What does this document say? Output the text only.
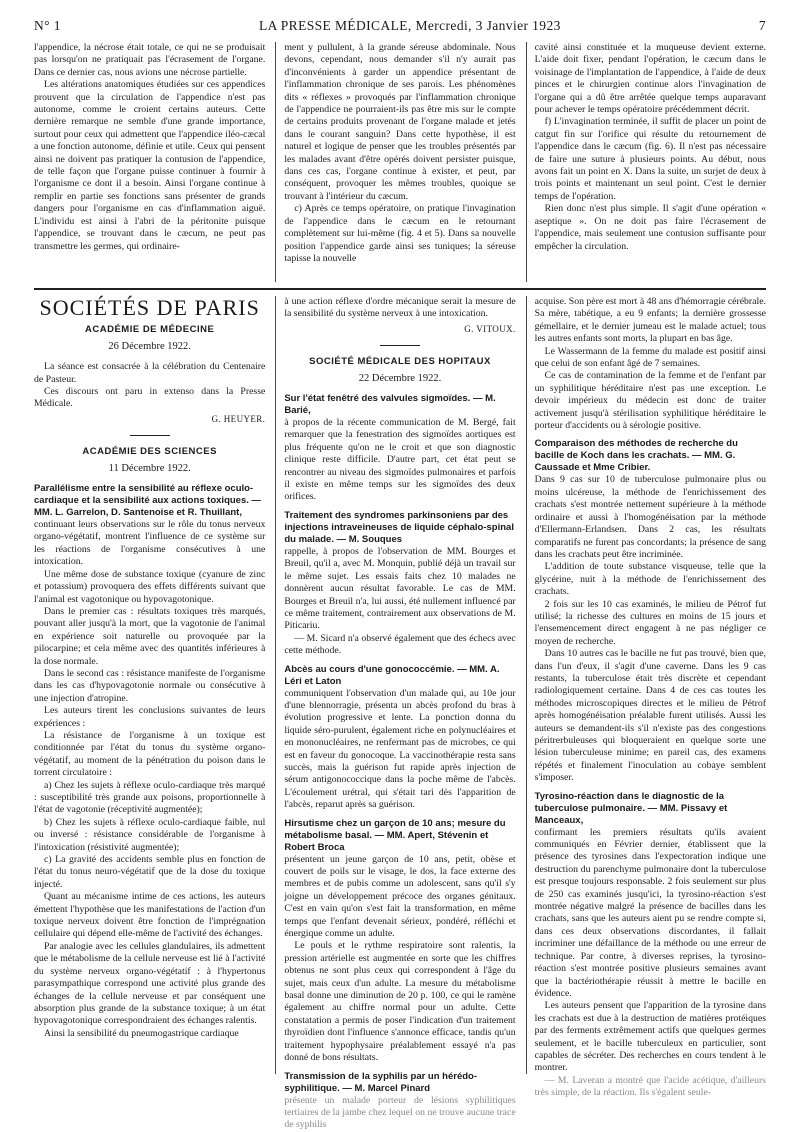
N° 1	LA PRESSE MÉDICALE, Mercredi, 3 Janvier 1923	7

l'appendice, la nécrose était totale, ce qui ne se produisait pas lorsqu'on ne pratiquait pas l'écrasement de l'organe. Dans ce dernier cas, nous avions une nécrose partielle.

Les altérations anatomiques étudiées sur ces appendices prouvent que la circulation de l'appendice n'est pas autonome, comme le croient certains auteurs. Cette dernière remarque ne semble d'une grande importance, surtout pour ceux qui admettent que l'appendice iléo-cæcal a une fonction autonome, définie et utile. Ceux qui pensent ainsi ne doivent pas pratiquer la contusion de l'appendice, de telle façon que l'organe puisse continuer à fournir à l'organisme ce dont il a besoin. Ainsi l'organe continue à remplir en partie ses fonctions sans présenter de grands dangers pour l'organisme en cas d'inflammation aiguë. L'individu est ainsi à l'abri de la péritonite puisque l'appendice, se trouvant dans le cæcum, ne peut pas transmettre les germes, qui ordinaire-

ment y pullulent, à la grande séreuse abdominale. Nous devons, cependant, nous demander s'il n'y aurait pas d'inconvénients à garder un appendice présentant de l'inflammation chronique de ses parois. Les phénomènes dits « réflexes » provoqués par l'inflammation chronique de l'appendice ne pourraient-ils pas être mis sur le compte de certains produits provenant de l'organe malade et jetés dans le courant sanguin? Dans cette hypothèse, il est naturel et logique de penser que les troubles présentés par les malades avant d'être opérés doivent persister puisque, dans ces cas, l'organe continue à exister, et peut, par conséquent, provoquer les mêmes troubles, quoique se trouvant à l'intérieur du cæcum.

c) Après ce temps opératoire, on pratique l'invagination de l'appendice dans le cæcum en le retournant complètement sur lui-même (fig. 4 et 5). Dans sa nouvelle position l'appendice garde ainsi ses tuniques; la séreuse tapisse la nouvelle

cavité ainsi constituée et la muqueuse devient externe. L'aide doit fixer, pendant l'opération, le cæcum dans le voisinage de l'implantation de l'appendice, à l'aide de deux pinces et le chirurgien continue alors l'invagination de l'organe qui a dû être arrêtée quelque temps auparavant pour achever le temps opératoire précédemment décrit.

f) L'invagination terminée, il suffit de placer un point de catgut fin sur l'orifice qui résulte du retournement de l'appendice dans le cæcum (fig. 6). Il n'est pas nécessaire de faire une suture à plusieurs points. Au début, nous avons fait un point en X. Dans la suite, un surjet de deux à trois points et maintenant un seul point. C'est le dernier temps de l'opération.

Rien donc n'est plus simple. Il s'agit d'une opération « aseptique ». On ne doit pas faire l'écrasement de l'appendice, mais seulement une contusion suffisante pour empêcher la circulation.

SOCIÉTÉS DE PARIS
ACADÉMIE DE MÉDECINE
26 Décembre 1922.

La séance est consacrée à la célébration du Centenaire de Pasteur.

Ces discours ont paru in extenso dans la Presse Médicale.

G. HEUYER.
ACADÉMIE DES SCIENCES
11 Décembre 1922.
Parallélisme entre la sensibilité au réflexe oculo-cardiaque et la sensibilité aux actions toxiques. — MM. L. Garrelon, D. Santenoise et R. Thuillant,

continuant leurs observations sur le rôle du tonus nerveux organo-végétatif, montrent l'influence de ce système sur les réactions de l'organisme consécutives à une intoxication.

Une même dose de substance toxique (cyanure de zinc et potassium) provoquera des effets différents suivant que l'animal est vagotonique ou hypovagotonique.

Dans le premier cas : résultats toxiques très marqués, pouvant aller jusqu'à la mort, que la vagotonie de l'animal en expérience soit naturelle ou provoquée par la pilocarpine; et cela même avec des quantités inférieures à la dose normale.

Dans le second cas : résistance manifeste de l'organisme dans les cas d'hypovagotonie normale ou consécutive à une injection d'atropine.

Les auteurs tirent les conclusions suivantes de leurs expériences :

La résistance de l'organisme à un toxique est conditionnée par l'état du tonus du système organo-végétatif, au moment de la pénétration du poison dans le torrent circulatoire :

a) Chez les sujets à réflexe oculo-cardiaque très marqué : susceptibilité très grande aux poisons, proportionnelle à l'état de vagotonie (réceptivité augmentée);

b) Chez les sujets à réflexe oculo-cardiaque faible, nul ou inversé : résistance considérable de l'organisme à l'intoxication (résistivité augmentée);

c) La gravité des accidents semble plus en fonction de l'état du tonus neuro-végétatif que de la dose du toxique injecté.

Quant au mécanisme intime de ces actions, les auteurs émettent l'hypothèse que les manifestations de l'action d'un toxique nerveux doivent être fonction de l'imprégnation cellulaire qui dépend elle-même de l'activité des échanges.

Par analogie avec les cellules glandulaires, ils admettent que le métabolisme de la cellule nerveuse est lié à l'activité du système nerveux organo-végétatif : à l'hypertonus parasympathique correspond une activité plus grande des échanges de la cellule nerveuse et par conséquent une absorption plus grande de la substance toxique; à un état hypovagotonique correspondraient des échanges ralentis.

Ainsi la sensibilité du pneumogastrique cardiaque

à une action réflexe d'ordre mécanique serait la mesure de la sensibilité du système nerveux à une intoxication.

G. VITOUX.
SOCIÉTÉ MÉDICALE DES HOPITAUX
22 Décembre 1922.
Sur l'état fenêtré des valvules sigmoïdes. — M. Barié,

à propos de la récente communication de M. Bergé, fait remarquer que la fenestration des sigmoïdes aortiques est plus fréquente qu'on ne le croit et que son diagnostic clinique reste difficile. D'autre part, cet état peut se rencontrer au niveau des sigmoïdes pulmonaires et parfois il existe en même temps sur les sigmoïdes des deux orifices.

Traitement des syndromes parkinsoniens par des injections intraveineuses de liquide céphalo-spinal du malade. — M. Souques

rappelle, à propos de l'observation de MM. Bourges et Breuil, qu'il a, avec M. Monquin, publié déjà un travail sur le même sujet. Les essais faits chez 10 malades ne donnèrent aucun résultat favorable. Le cas de MM. Bourges et Breuil n'a, lui aussi, été nullement influencé par ce même traitement, contrairement aux observations de M. Piticariu.

— M. Sicard n'a observé également que des échecs avec cette méthode.

Abcès au cours d'une gonococcémie. — MM. A. Léri et Laton

communiquent l'observation d'un malade qui, au 10e jour d'une blennorragie, présenta un abcès profond du bras à évolution progressive et lente. La ponction donna du liquide séro-purulent, également riche en polynucléaires et en mononucléaires, ne renfermant pas de microbes, ce qui est en faveur du gonocoque. La vaccinothérapie resta sans succès, mais la guérison fut rapide après injection de sérum antigonococcique dans la poche même de l'abcès. L'écoulement urétral, qui s'était tari dès l'apparition de l'abcès, reparut après sa guérison.

Hirsutisme chez un garçon de 10 ans; mesure du métabolisme basal. — MM. Apert, Stévenin et Robert Broca

présentent un jeune garçon de 10 ans, petit, obèse et couvert de poils sur le visage, le dos, la face externe des membres et de pubis comme un adolescent, sans qu'il s'y joigne un développement précoce des organes génitaux. C'est en vain qu'on s'est fait la transformation, en même temps que l'enfant devenait sérieux, pondéré, réfléchi et énergique comme un adulte.

Le pouls et le rythme respiratoire sont ralentis, la pression artérielle est augmentée en sorte que les chiffres obtenus ne sont plus ceux qui correspondent à l'âge du sujet, mais ceux d'un adulte. La mesure du métabolisme basal donne une diminution de 20 p. 100, ce qui le ramène également au chiffre normal pour un adulte. Cette constatation a permis de poser l'indication d'un traitement thyroïdien dont l'influence s'annonce efficace, tandis qu'un traitement hypophysaire préalablement essayé n'a pas donné de bons résultats.

Transmission de la syphilis par un hérédo-syphilitique. — M. Marcel Pinard

présente un malade porteur de lésions syphilitiques tertiaires de la jambe chez lequel on ne trouve aucune trace de syphilis

acquise. Son père est mort à 48 ans d'hémorragie cérébrale. Sa mère, tabétique, a eu 9 enfants; la dernière grossesse gémellaire, et le dernier jumeau est le malade actuel; tous les autres enfants sont morts, la plupart en bas âge.

Le Wassermann de la femme du malade est positif ainsi que celui de son enfant âgé de 7 semaines.

Ce cas de contamination de la femme et de l'enfant par un syphilitique héréditaire n'est pas une exception. Le devoir impérieux du médecin est donc de traiter activement jusqu'à stérilisation syphilitique héréditaire le porteur d'accidents ou à sérologie positive.

Comparaison des méthodes de recherche du bacille de Koch dans les crachats. — MM. G. Caussade et Mme Cribier.

Dans 9 cas sur 10 de tuberculose pulmonaire plus ou moins ulcéreuse, la méthode de l'enrichissement des crachats s'est montrée nettement supérieure à la méthode ordinaire et aussi à l'homogénéisation par la méthode d'Ellermann-Erlandsen. Dans 2 cas, les résultats comparatifs ne furent pas concordants; la présence de sang dans les crachats peut être incriminée.

L'addition de toute substance visqueuse, telle que la glycérine, nuit à la méthode de l'enrichissement des crachats.

2 fois sur les 10 cas examinés, le milieu de Pétrof fut utilisé; la richesse des cultures en moins de 15 jours et l'ensemencement direct engagent à ne pas négliger ce moyen de recherche.

Dans 10 autres cas le bacille ne fut pas trouvé, bien que, dans l'un d'eux, il s'agit d'une caverne. Dans les 9 cas restants, la tuberculose était très discrète et cependant radiologiquement certaine. Dans 4 de ces cas toutes les méthodes microscopiques directes et le milieu de Pétrof après homogénéisation préalable furent utilisés. Aussi les auteurs se demandent-ils s'il n'existe pas des congestions péritrerbuleuses qui bloqueraient en quelque sorte une lésion tuberculeuse minime; en pareil cas, des examens répétés et finalement l'inoculation au cobaye semblent s'imposer.

Tyrosino-réaction dans le diagnostic de la tuberculose pulmonaire. — MM. Pissavy et Manceaux,

confirmant les premiers résultats qu'ils avaient communiqués en Février dernier, établissent que la présence des tyrosines dans l'expectoration indique une destruction du parenchyme pulmonaire dont la tuberculose est presque toujours responsable. 2 fois seulement sur plus de 250 cas examinés jusqu'ici, la tyrosino-réaction s'est montrée négative malgré la présence de bacilles dans les crachats, sans que les auteurs aient pu se rendre compte si, dans ces deux observations discordantes, il fallait incriminer une défaillance de la méthode ou une erreur de technique. Par contre, à diverses reprises, la tyrosino-réaction s'est montrée positive plusieurs semaines avant que la bactériothérapie réussit à mettre le bacille en évidence.

Les auteurs pensent que l'apparition de la tyrosine dans les crachats est due à la destruction de matières protéiques par des ferments extrêmement actifs que quelques germes seulement, et le bacille tuberculeux en particulier, sont capables de sécréter. Des recherches en cours tendent à le montrer.

— M. Laveran a montré que l'acide acétique, d'ailleurs très simple, de la réaction. Ils s'égalent seule-
